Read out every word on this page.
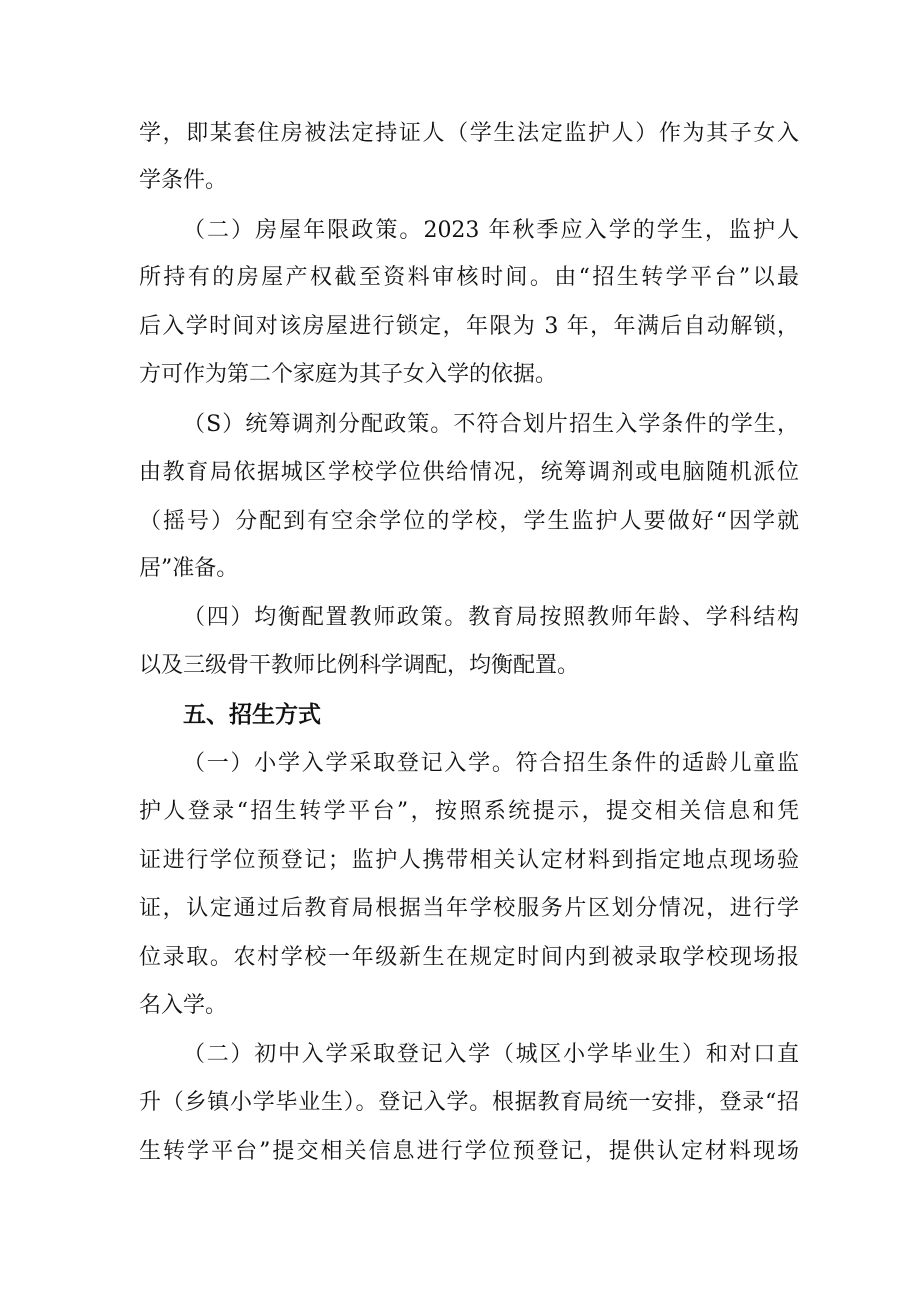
学，即某套住房被法定持证人（学生法定监护人）作为其子女入
学条件。
（二）房屋年限政策。2023 年秋季应入学的学生，监护人
所持有的房屋产权截至资料审核时间。由“招生转学平台”以最
后入学时间对该房屋进行锁定，年限为 3 年，年满后自动解锁，
方可作为第二个家庭为其子女入学的依据。
（S）统筹调剂分配政策。不符合划片招生入学条件的学生，
由教育局依据城区学校学位供给情况，统筹调剂或电脑随机派位
（摇号）分配到有空余学位的学校，学生监护人要做好“因学就
居”准备。
（四）均衡配置教师政策。教育局按照教师年龄、学科结构
以及三级骨干教师比例科学调配，均衡配置。
五、招生方式
（一）小学入学采取登记入学。符合招生条件的适龄儿童监
护人登录“招生转学平台”，按照系统提示，提交相关信息和凭
证进行学位预登记；监护人携带相关认定材料到指定地点现场验
证，认定通过后教育局根据当年学校服务片区划分情况，进行学
位录取。农村学校一年级新生在规定时间内到被录取学校现场报
名入学。
（二）初中入学采取登记入学（城区小学毕业生）和对口直
升（乡镇小学毕业生）。登记入学。根据教育局统一安排，登录“招
生转学平台”提交相关信息进行学位预登记，提供认定材料现场
